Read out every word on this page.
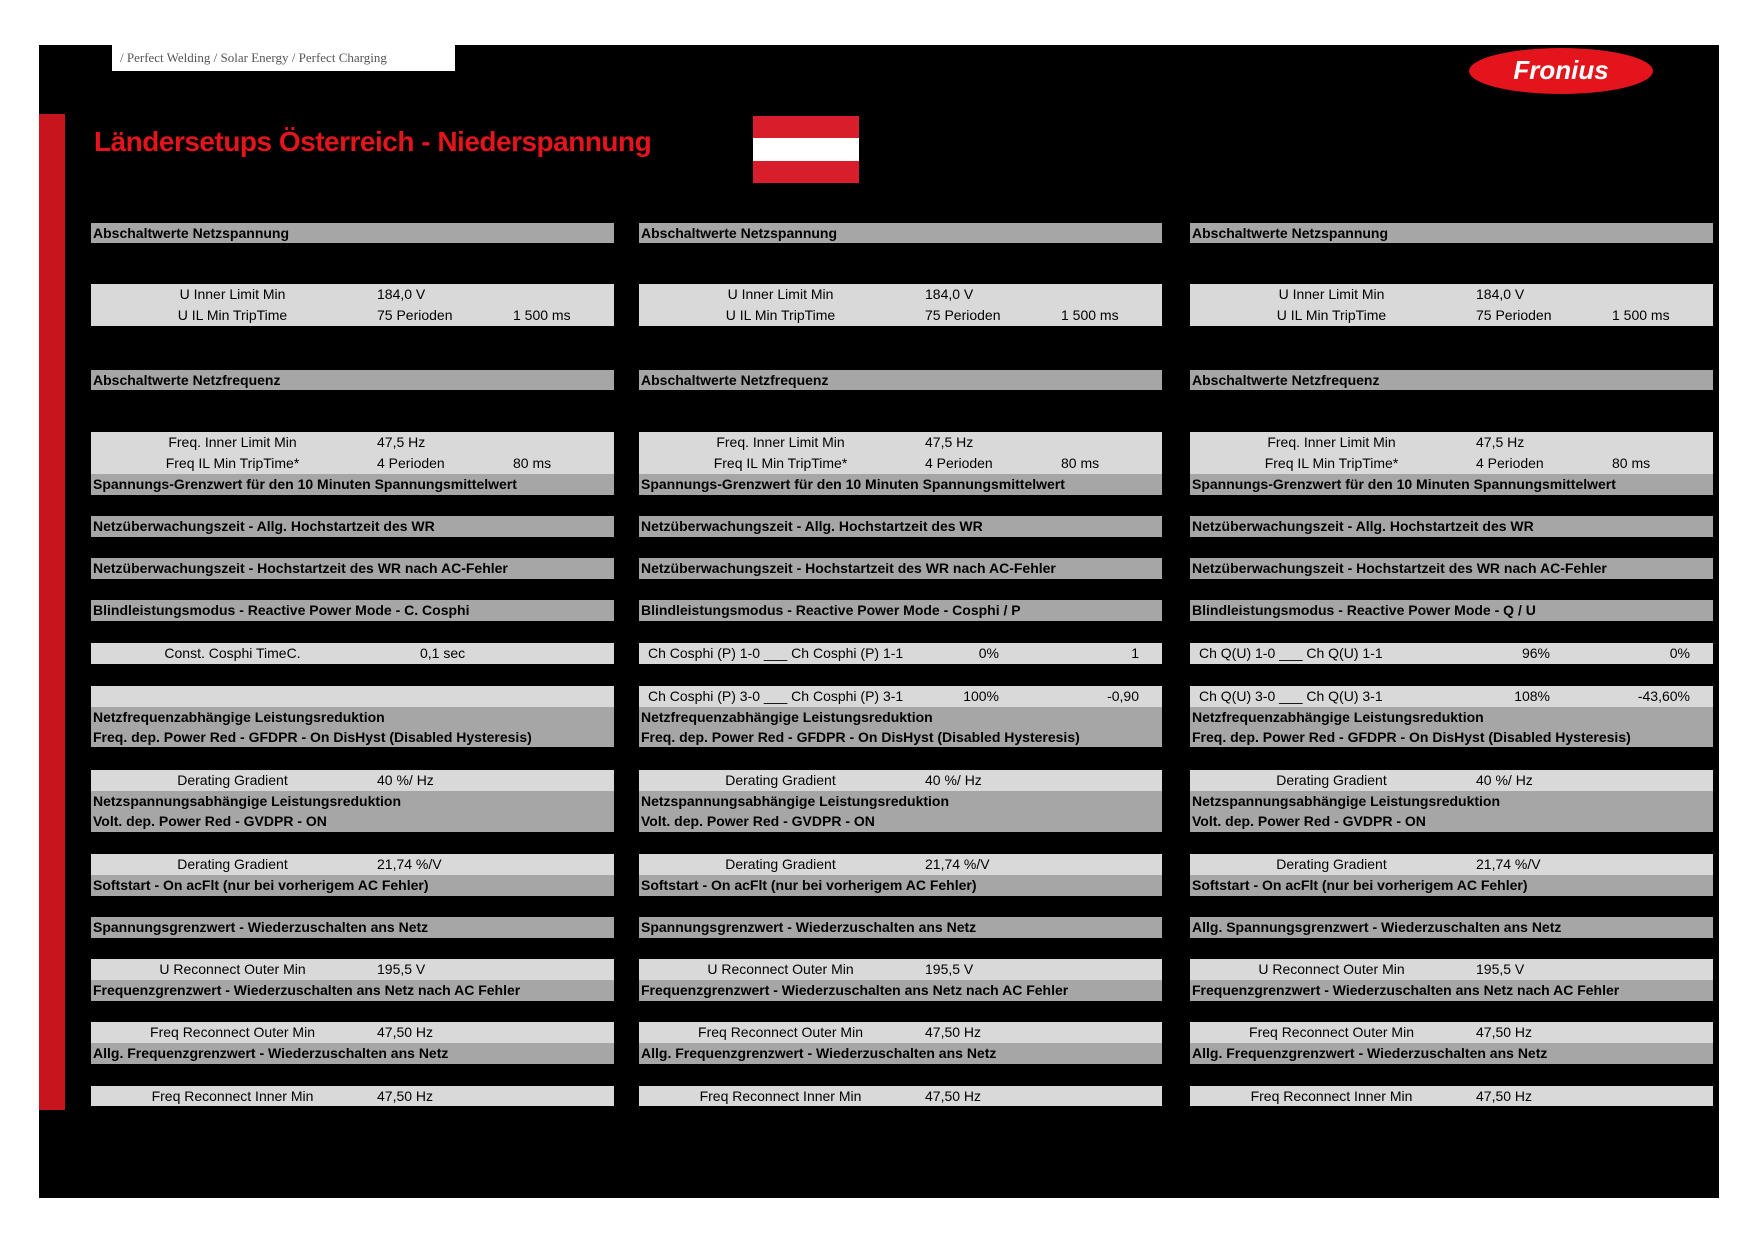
/ Perfect Welding / Solar Energy / Perfect Charging	Fronius
Ländersetups Österreich - Niederspannung
Abschaltwerte Netzspannung
U Inner Limit Min	184,0 V
U IL Min TripTime	75 Perioden	1 500 ms
Abschaltwerte Netzfrequenz
Freq. Inner Limit Min	47,5 Hz
Freq IL Min TripTime*	4 Perioden	80 ms
Spannungs-Grenzwert für den 10 Minuten Spannungsmittelwert
Netzüberwachungszeit - Allg. Hochstartzeit des WR
Netzüberwachungszeit - Hochstartzeit des WR nach AC-Fehler
Blindleistungsmodus - Reactive Power Mode - C. Cosphi
Const. Cosphi TimeC.	0,1 sec
Netzfrequenzabhängige Leistungsreduktion
Freq. dep. Power Red - GFDPR - On DisHyst (Disabled Hysteresis)
Derating Gradient	40 %/ Hz
Netzspannungsabhängige Leistungsreduktion
Volt. dep. Power Red - GVDPR - ON
Derating Gradient	21,74 %/V
Softstart - On acFlt (nur bei vorherigem AC Fehler)
Spannungsgrenzwert - Wiederzuschalten ans Netz
U Reconnect Outer Min	195,5 V
Frequenzgrenzwert - Wiederzuschalten ans Netz nach AC Fehler
Freq Reconnect Outer Min	47,50 Hz
Allg. Frequenzgrenzwert - Wiederzuschalten ans Netz
Freq Reconnect Inner Min	47,50 Hz
Abschaltwerte Netzspannung
U Inner Limit Min	184,0 V
U IL Min TripTime	75 Perioden	1 500 ms
Abschaltwerte Netzfrequenz
Freq. Inner Limit Min	47,5 Hz
Freq IL Min TripTime*	4 Perioden	80 ms
Spannungs-Grenzwert für den 10 Minuten Spannungsmittelwert
Netzüberwachungszeit - Allg. Hochstartzeit des WR
Netzüberwachungszeit - Hochstartzeit des WR nach AC-Fehler
Blindleistungsmodus - Reactive Power Mode - Cosphi / P
Ch Cosphi (P) 1-0 ___ Ch Cosphi (P) 1-1	0%	1
Ch Cosphi (P) 3-0 ___ Ch Cosphi (P) 3-1	100%	-0,90
Netzfrequenzabhängige Leistungsreduktion
Freq. dep. Power Red - GFDPR - On DisHyst (Disabled Hysteresis)
Derating Gradient	40 %/ Hz
Netzspannungsabhängige Leistungsreduktion
Volt. dep. Power Red - GVDPR - ON
Derating Gradient	21,74 %/V
Softstart - On acFlt (nur bei vorherigem AC Fehler)
Spannungsgrenzwert - Wiederzuschalten ans Netz
U Reconnect Outer Min	195,5 V
Frequenzgrenzwert - Wiederzuschalten ans Netz nach AC Fehler
Freq Reconnect Outer Min	47,50 Hz
Allg. Frequenzgrenzwert - Wiederzuschalten ans Netz
Freq Reconnect Inner Min	47,50 Hz
Abschaltwerte Netzspannung
U Inner Limit Min	184,0 V
U IL Min TripTime	75 Perioden	1 500 ms
Abschaltwerte Netzfrequenz
Freq. Inner Limit Min	47,5 Hz
Freq IL Min TripTime*	4 Perioden	80 ms
Spannungs-Grenzwert für den 10 Minuten Spannungsmittelwert
Netzüberwachungszeit - Allg. Hochstartzeit des WR
Netzüberwachungszeit - Hochstartzeit des WR nach AC-Fehler
Blindleistungsmodus - Reactive Power Mode - Q / U
Ch Q(U) 1-0 ___ Ch Q(U) 1-1	96%	0%
Ch Q(U) 3-0 ___ Ch Q(U) 3-1	108%	-43,60%
Netzfrequenzabhängige Leistungsreduktion
Freq. dep. Power Red - GFDPR - On DisHyst (Disabled Hysteresis)
Derating Gradient	40 %/ Hz
Netzspannungsabhängige Leistungsreduktion
Volt. dep. Power Red - GVDPR - ON
Derating Gradient	21,74 %/V
Softstart - On acFlt (nur bei vorherigem AC Fehler)
Allg. Spannungsgrenzwert - Wiederzuschalten ans Netz
U Reconnect Outer Min	195,5 V
Frequenzgrenzwert - Wiederzuschalten ans Netz nach AC Fehler
Freq Reconnect Outer Min	47,50 Hz
Allg. Frequenzgrenzwert - Wiederzuschalten ans Netz
Freq Reconnect Inner Min	47,50 Hz
